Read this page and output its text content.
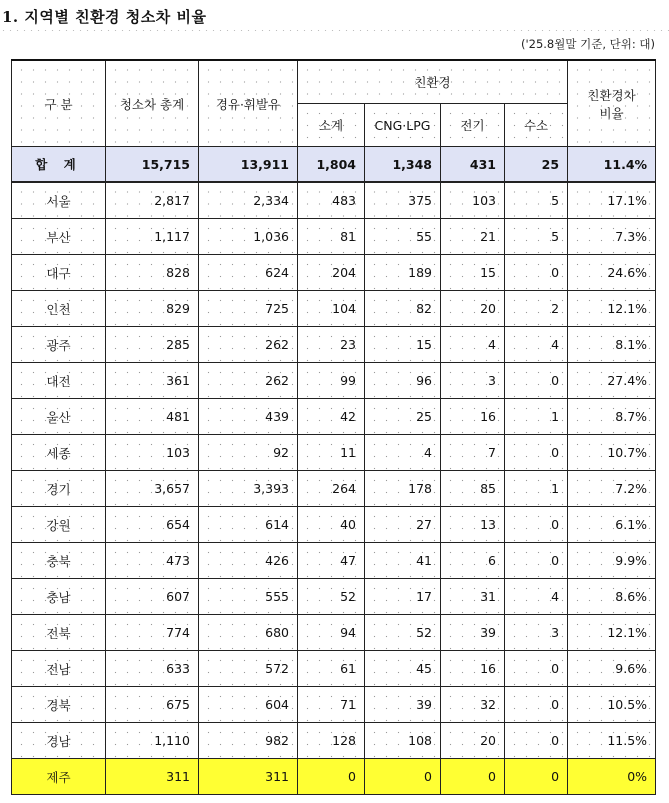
1. 지역별 친환경 청소차 비율
('25.8월말 기준, 단위: 대)
구 분	청소차 총계	경유·휘발유	친환경				친환경차 비율
			소계	CNG·LPG	전기	수소	
합 계	15,715	13,911	1,804	1,348	431	25	11.4%
서울	2,817	2,334	483	375	103	5	17.1%
부산	1,117	1,036	81	55	21	5	7.3%
대구	828	624	204	189	15	0	24.6%
인천	829	725	104	82	20	2	12.1%
광주	285	262	23	15	4	4	8.1%
대전	361	262	99	96	3	0	27.4%
울산	481	439	42	25	16	1	8.7%
세종	103	92	11	4	7	0	10.7%
경기	3,657	3,393	264	178	85	1	7.2%
강원	654	614	40	27	13	0	6.1%
충북	473	426	47	41	6	0	9.9%
충남	607	555	52	17	31	4	8.6%
전북	774	680	94	52	39	3	12.1%
전남	633	572	61	45	16	0	9.6%
경북	675	604	71	39	32	0	10.5%
경남	1,110	982	128	108	20	0	11.5%
제주	311	311	0	0	0	0	0%
